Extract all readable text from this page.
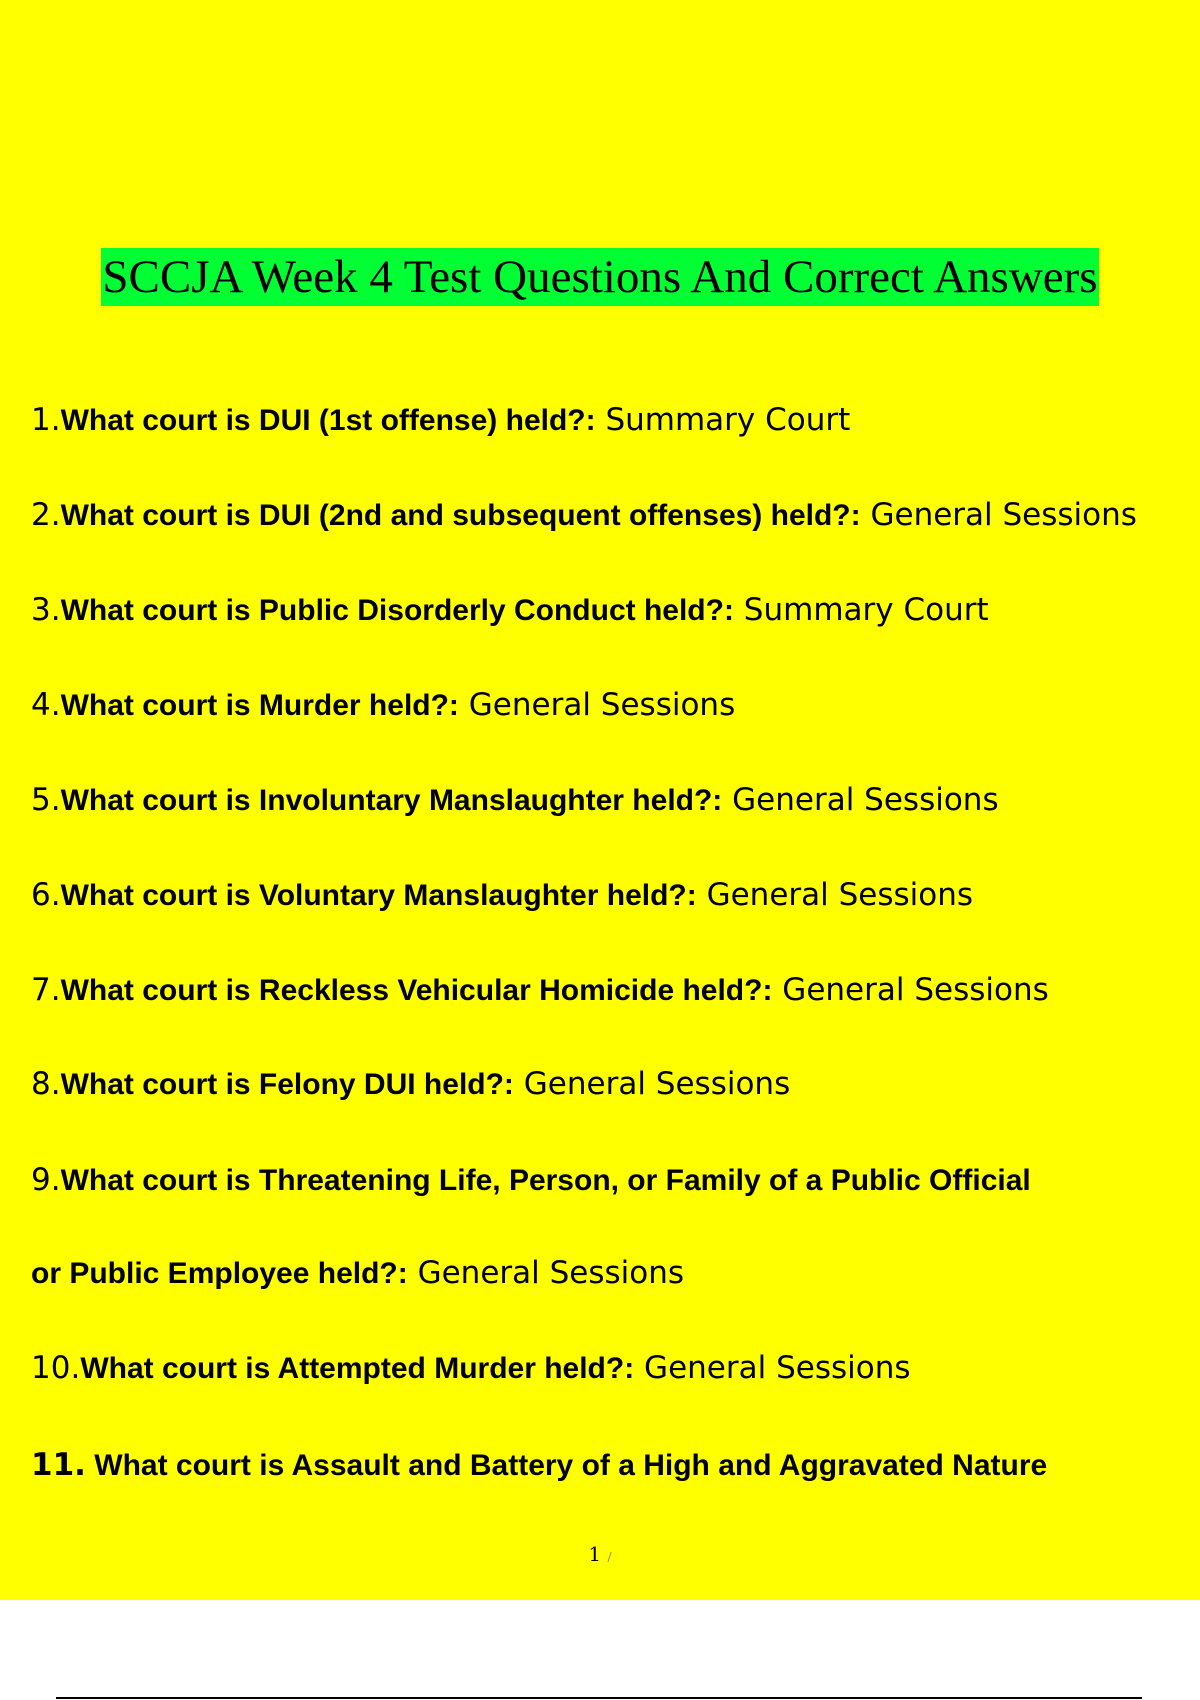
SCCJA Week 4 Test Questions And Correct Answers
1.What court is DUI (1st offense) held?: Summary Court
2.What court is DUI (2nd and subsequent offenses) held?: General Sessions
3.What court is Public Disorderly Conduct held?: Summary Court
4.What court is Murder held?: General Sessions
5.What court is Involuntary Manslaughter held?: General Sessions
6.What court is Voluntary Manslaughter held?: General Sessions
7.What court is Reckless Vehicular Homicide held?: General Sessions
8.What court is Felony DUI held?: General Sessions
9.What court is Threatening Life, Person, or Family of a Public Official
or Public Employee held?: General Sessions
10.What court is Attempted Murder held?: General Sessions
11. What court is Assault and Battery of a High and Aggravated Nature
1 /
